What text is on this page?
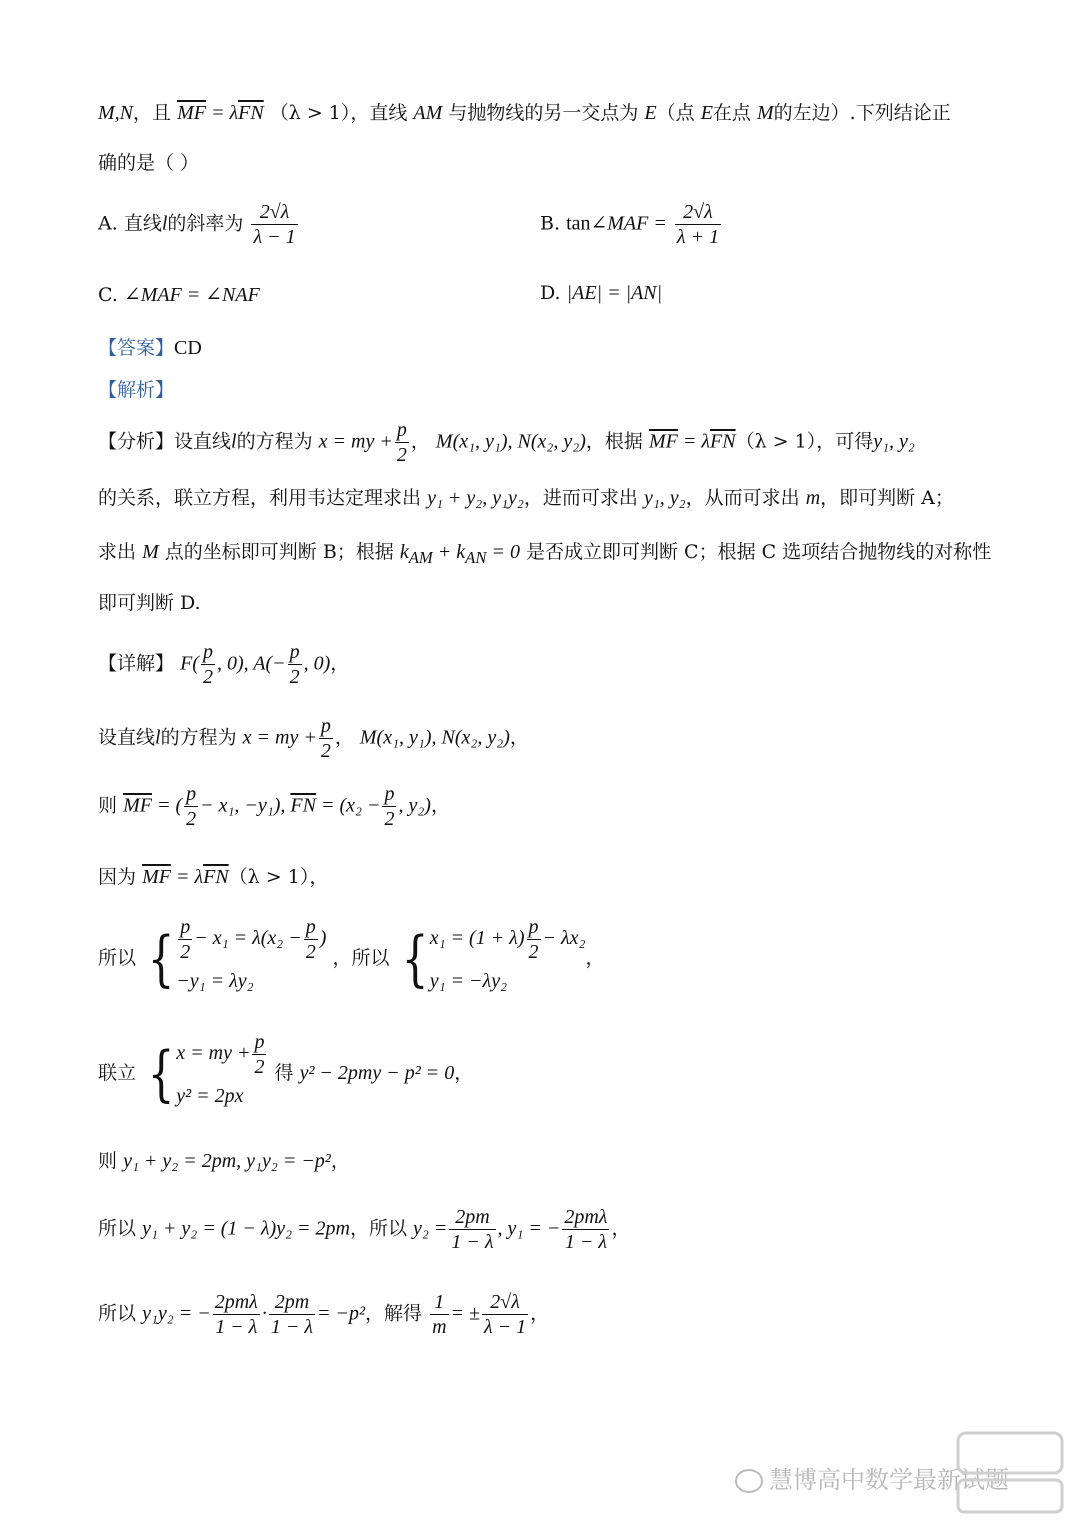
M,N，且 $\overline{MF} = \lambda\overline{FN}$ （λ > 1），直线 AM 与抛物线的另一交点为 E（点 E在点 M的左边）.下列结论正
确的是（ ）
A. 直线l的斜率为 $\frac{2√\lambda}{\lambda - 1}$	B. tan∠MAF = $\frac{2√\lambda}{\lambda + 1}$
C. ∠MAF = ∠NAF	D. |AE| = |AN|
【答案】CD
【解析】
【分析】设直线l的方程为 x = my + $\frac{p}{2}$ ， M(x₁, y₁), N(x₂, y₂)，根据 $\overline{MF} = \lambda\overline{FN}(\lambda > 1)$，可得y₁, y₂
的关系，联立方程，利用韦达定理求出 y₁ + y₂, y₁y₂，进而可求出 y₁, y₂，从而可求出 m，即可判断 A；
求出 M 点的坐标即可判断 B；根据 $k_{AM} + k_{AN} = 0$ 是否成立即可判断 C；根据 C 选项结合抛物线的对称性
即可判断 D.
【详解】 $F( \frac{p}{2}$ , 0), $A(- \frac{p}{2}$ , 0)，
设直线l的方程为 x = my + $\frac{p}{2}$ ， M(x₁, y₁), N(x₂, y₂)，
则 $\overline{MF}$ = ( $\frac{p}{2} - x_1$, −y₁), $\overline{FN} = (x_2 - \frac{p}{2}$ , y₂)，
因为 $\overline{MF} = \lambda\overline{FN}(\lambda > 1)$，
所以 { $\frac{p}{2} - x_1 = \lambda(x_2 - \frac{p}{2}$ )
−y₁ = λy₂
，所以 { $x_1 = (1 + \lambda) \frac{p}{2} - \lambda x_2$
y₁ = −λy₂
，
联立 { x = my + $\frac{p}{2}$
y² = 2px
得 y² − 2pmy − p² = 0，
则 y₁ + y₂ = 2pm, y₁y₂ = −p²，
所以 y₁ + y₂ = (1 − λ)y₂ = 2pm，所以 $y_2 = \frac{2pm}{1 - \lambda}$ , y₁ = − $\frac{\text{2pmλ}}{1 - \lambda}$ ，
所以 y₁y₂ = − $\frac{\text{2pmλ}}{1 - \lambda} \cdot \frac{2pm}{1 - \lambda} = -p^2$，解得 $\frac{1}{m}$ = ± $\frac{2√\lambda}{\lambda - 1}$ ，
慧博高中数学最新试题
